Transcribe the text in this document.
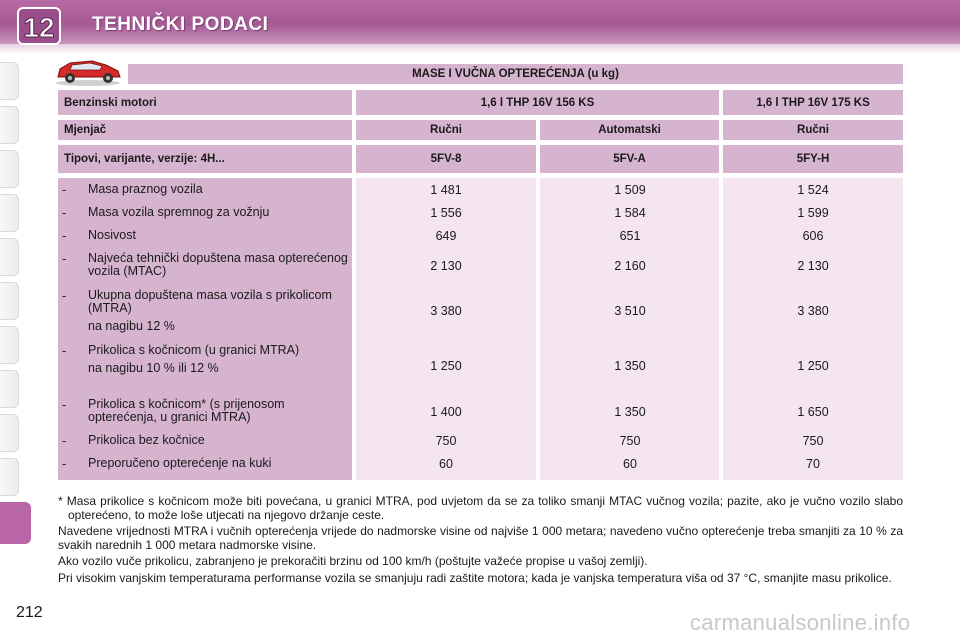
12 TEHNIČKI PODACI
MASE I VUČNA OPTEREĆENJA (u kg)
Benzinski motori	1,6 l THP 16V 156 KS	1,6 l THP 16V 175 KS
Mjenjač	Ručni	Automatski	Ručni
Tipovi, varijante, verzije: 4H...	5FV-8	5FV-A	5FY-H
- Masa praznog vozila	1 481	1 509	1 524
- Masa vozila spremnog za vožnju	1 556	1 584	1 599
- Nosivost	649	651	606
- Najveća tehnički dopuštena masa opterećenog vozila (MTAC)	2 130	2 160	2 130
- Ukupna dopuštena masa vozila s prikolicom (MTRA)
na nagibu 12 %
3 380	3 510	3 380
- Prikolica s kočnicom (u granici MTRA)
na nagibu 10 % ili 12 %	1 250	1 350	1 250
- Prikolica s kočnicom* (s prijenosom opterećenja, u granici MTRA)	1 400	1 350	1 650
- Prikolica bez kočnice	750	750	750
- Preporučeno opterećenje na kuki	60	60	70

* Masa prikolice s kočnicom može biti povećana, u granici MTRA, pod uvjetom da se za toliko smanji MTAC vučnog vozila; pazite, ako je vučno vozilo slabo opterećeno, to može loše utjecati na njegovo držanje ceste.

Navedene vrijednosti MTRA i vučnih opterećenja vrijede do nadmorske visine od najviše 1 000 metara; navedeno vučno opterećenje treba smanjiti za 10 % za svakih narednih 1 000 metara nadmorske visine.

Ako vozilo vuče prikolicu, zabranjeno je prekoračiti brzinu od 100 km/h (poštujte važeće propise u vašoj zemlji).

Pri visokim vanjskim temperaturama performanse vozila se smanjuju radi zaštite motora; kada je vanjska temperatura viša od 37 °C, smanjite masu prikolice.

212	carmanualsonline.info
